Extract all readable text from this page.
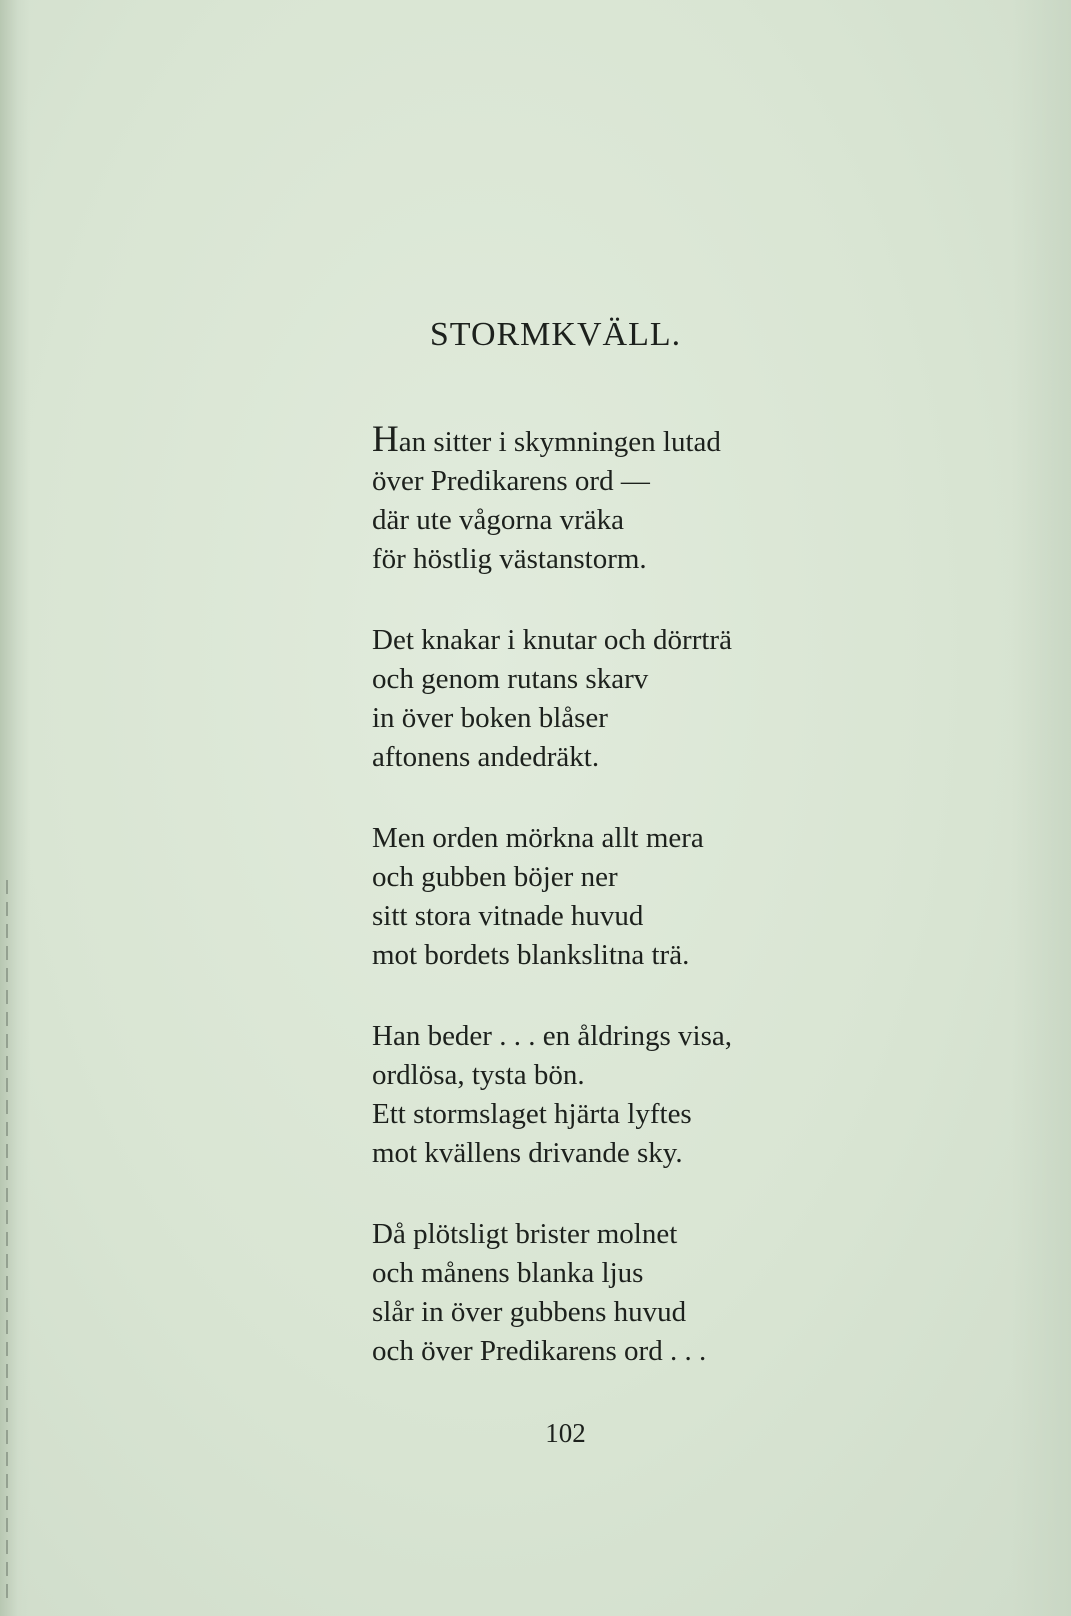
STORMKVÄLL.
Han sitter i skymningen lutad
över Predikarens ord —
där ute vågorna vräka
för höstlig västanstorm.
Det knakar i knutar och dörrträ
och genom rutans skarv
in över boken blåser
aftonens andedräkt.
Men orden mörkna allt mera
och gubben böjer ner
sitt stora vitnade huvud
mot bordets blankslitna trä.
Han beder . . . en åldrings visa,
ordlösa, tysta bön.
Ett stormslaget hjärta lyftes
mot kvällens drivande sky.
Då plötsligt brister molnet
och månens blanka ljus
slår in över gubbens huvud
och över Predikarens ord . . .

102
